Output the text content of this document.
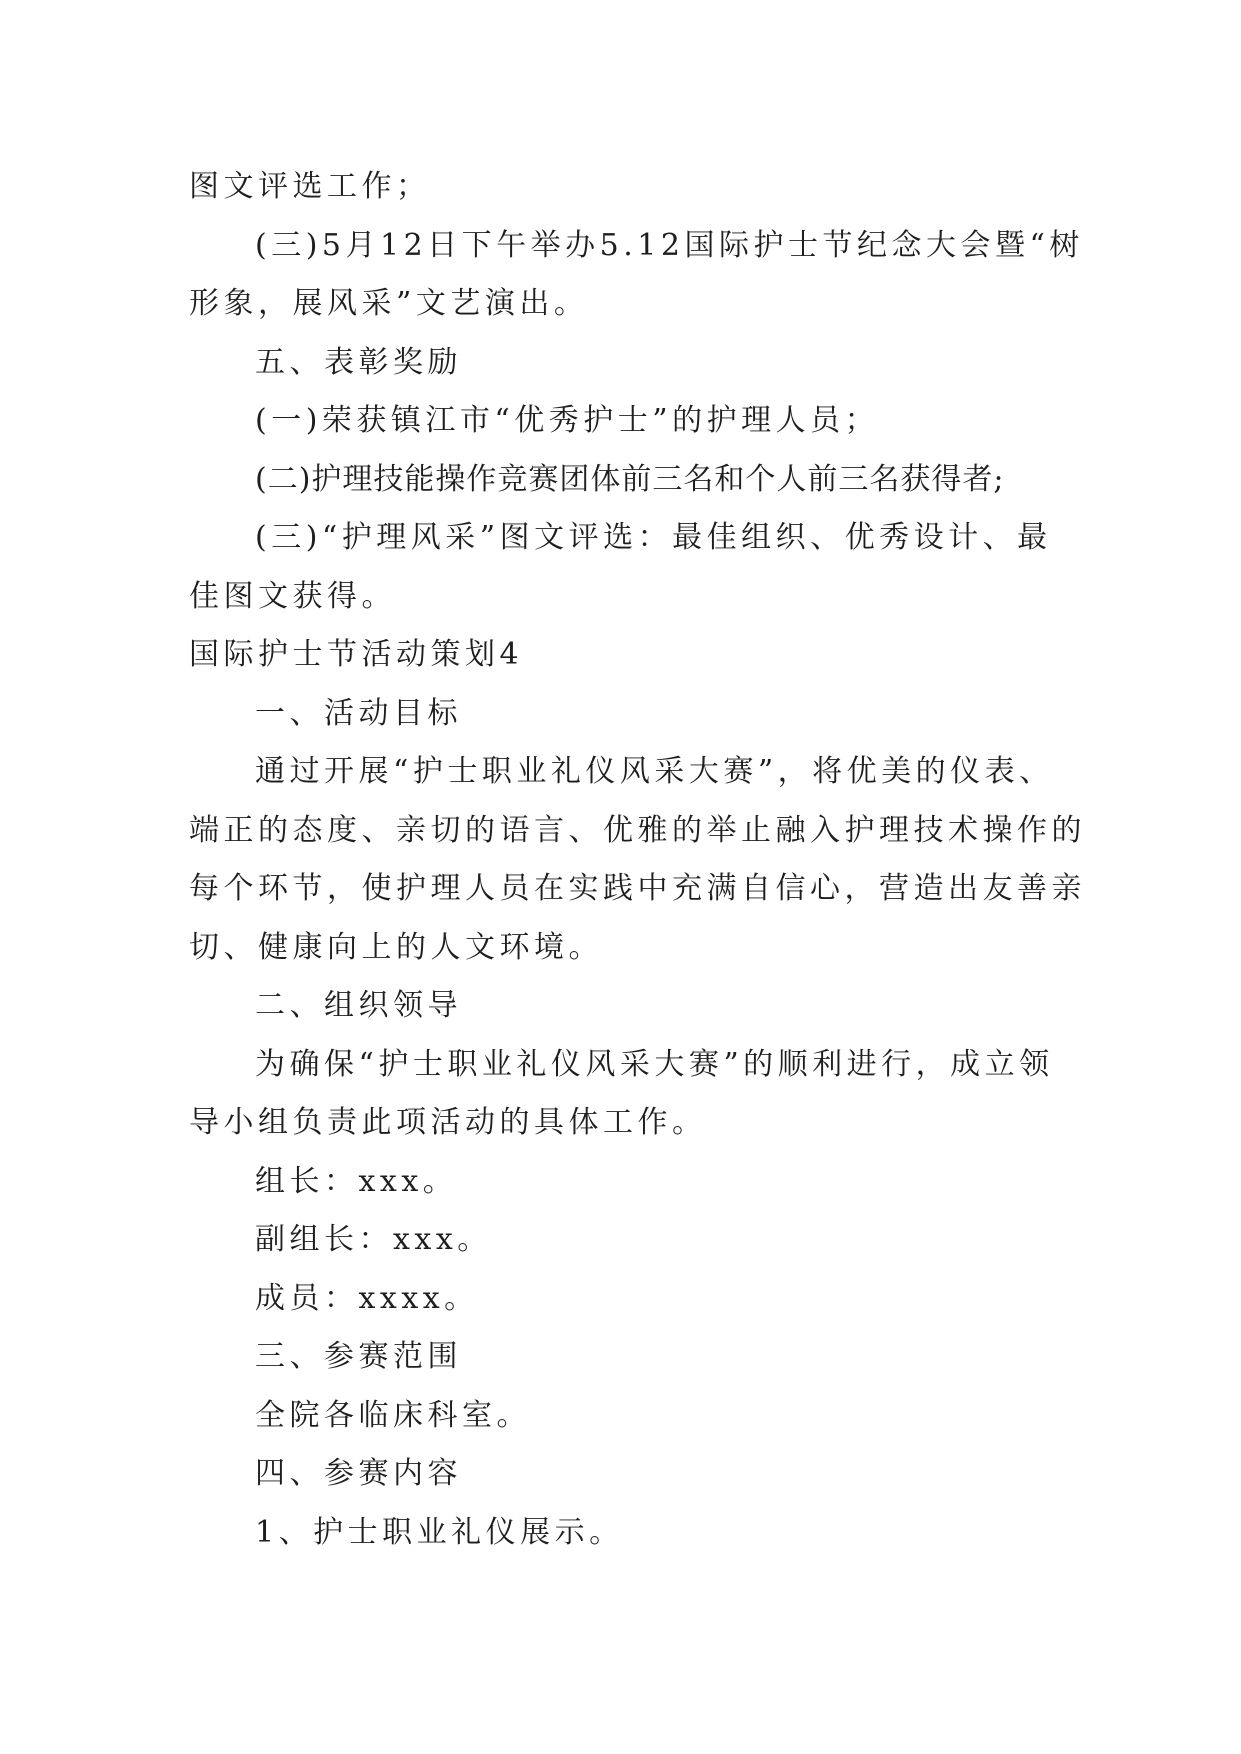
图文评选工作；
(三)5月12日下午举办5.12国际护士节纪念大会暨“树
形象，展风采”文艺演出。
五、表彰奖励
(一)荣获镇江市“优秀护士”的护理人员；
(二)护理技能操作竞赛团体前三名和个人前三名获得者;
(三)“护理风采”图文评选：最佳组织、优秀设计、最
佳图文获得。
国际护士节活动策划4
一、活动目标
通过开展“护士职业礼仪风采大赛”，将优美的仪表、
端正的态度、亲切的语言、优雅的举止融入护理技术操作的
每个环节，使护理人员在实践中充满自信心，营造出友善亲
切、健康向上的人文环境。
二、组织领导
为确保“护士职业礼仪风采大赛”的顺利进行，成立领
导小组负责此项活动的具体工作。
组长：xxx。
副组长：xxx。
成员：xxxx。
三、参赛范围
全院各临床科室。
四、参赛内容
1、护士职业礼仪展示。
